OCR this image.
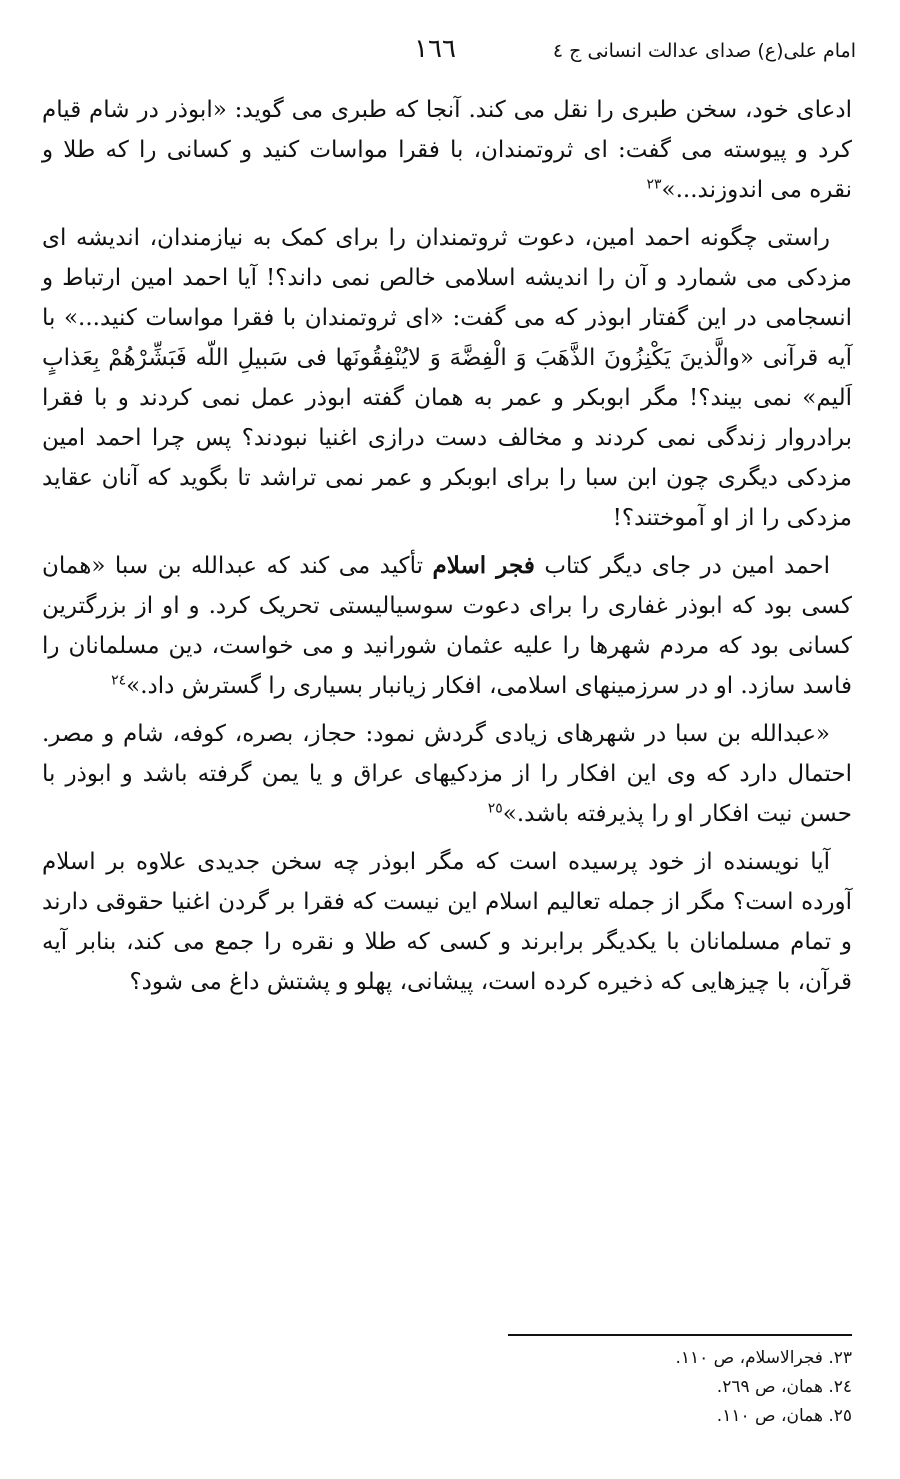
امام علی(ع) صدای عدالت انسانی ج ٤
١٦٦

ادعای خود، سخن طبری را نقل می کند. آنجا که طبری می گوید: «ابوذر در شام قیام کرد و پیوسته می گفت: ای ثروتمندان، با فقرا مواسات کنید و کسانی را که طلا و نقره می اندوزند...»$^{٢٣}$

راستی چگونه احمد امین، دعوت ثروتمندان را برای کمک به نیازمندان، اندیشه ای مزدکی می شمارد و آن را اندیشه اسلامی خالص نمی داند؟! آیا احمد امین ارتباط و انسجامی در این گفتار ابوذر که می گفت: «ای ثروتمندان با فقرا مواسات کنید...» با آیه قرآنی «والَّذینَ یَکْنِزُونَ الذَّهَبَ وَ الْفِضَّهَ وَ لایُنْفِقُونَها فی سَبیلِ اللّه فَبَشِّرْهُمْ بِعَذابٍ اَلیم» نمی بیند؟! مگر ابوبکر و عمر به همان گفته ابوذر عمل نمی کردند و با فقرا برادروار زندگی نمی کردند و مخالف دست درازی اغنیا نبودند؟ پس چرا احمد امین مزدکی دیگری چون ابن سبا را برای ابوبکر و عمر نمی تراشد تا بگوید که آنان عقاید مزدکی را از او آموختند؟!

احمد امین در جای دیگر کتاب فجر اسلام تأکید می کند که عبدالله بن سبا «همان کسی بود که ابوذر غفاری را برای دعوت سوسیالیستی تحریک کرد. و او از بزرگترین کسانی بود که مردم شهرها را علیه عثمان شورانید و می خواست، دین مسلمانان را فاسد سازد. او در سرزمینهای اسلامی، افکار زیانبار بسیاری را گسترش داد.»$^{٢٤}$

«عبدالله بن سبا در شهرهای زیادی گردش نمود: حجاز، بصره، کوفه، شام و مصر. احتمال دارد که وی این افکار را از مزدکیهای عراق و یا یمن گرفته باشد و ابوذر با حسن نیت افکار او را پذیرفته باشد.»$^{٢٥}$

آیا نویسنده از خود پرسیده است که مگر ابوذر چه سخن جدیدی علاوه بر اسلام آورده است؟ مگر از جمله تعالیم اسلام این نیست که فقرا بر گردن اغنیا حقوقی دارند و تمام مسلمانان با یکدیگر برابرند و کسی که طلا و نقره را جمع می کند، بنابر آیه قرآن، با چیزهایی که ذخیره کرده است، پیشانی، پهلو و پشتش داغ می شود؟

٢٣. فجرالاسلام، ص ١١٠.

٢٤. همان، ص ٢٦٩.

٢٥. همان، ص ١١٠.
